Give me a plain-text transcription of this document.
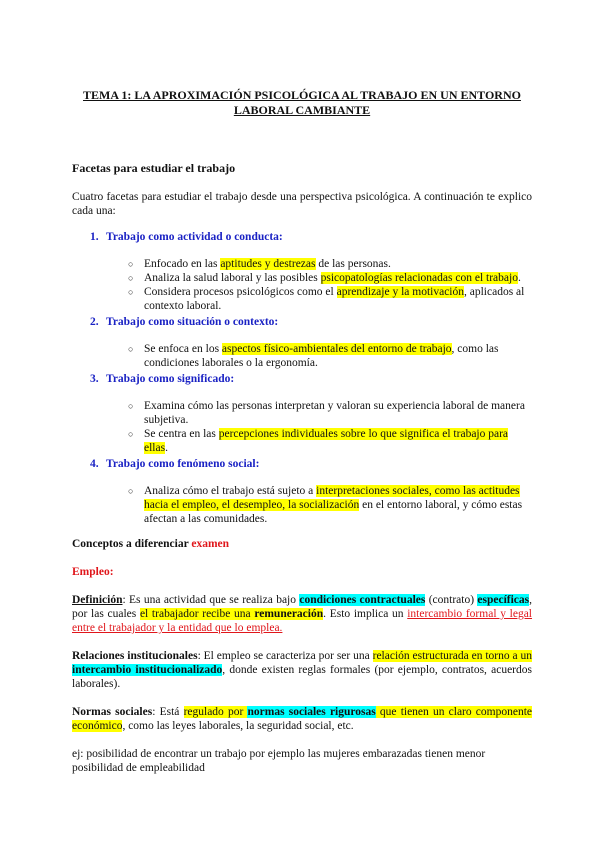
TEMA 1: LA APROXIMACIÓN PSICOLÓGICA AL TRABAJO EN UN ENTORNO LABORAL CAMBIANTE
Facetas para estudiar el trabajo

Cuatro facetas para estudiar el trabajo desde una perspectiva psicológica. A continuación te explico cada una:

1. Trabajo como actividad o conducta:
○ Enfocado en las aptitudes y destrezas de las personas.
○ Analiza la salud laboral y las posibles psicopatologías relacionadas con el trabajo.
○ Considera procesos psicológicos como el aprendizaje y la motivación, aplicados al contexto laboral.
2. Trabajo como situación o contexto:
○ Se enfoca en los aspectos físico-ambientales del entorno de trabajo, como las condiciones laborales o la ergonomía.
3. Trabajo como significado:
○ Examina cómo las personas interpretan y valoran su experiencia laboral de manera subjetiva.
○ Se centra en las percepciones individuales sobre lo que significa el trabajo para ellas.
4. Trabajo como fenómeno social:
○ Analiza cómo el trabajo está sujeto a interpretaciones sociales, como las actitudes hacia el empleo, el desempleo, la socialización en el entorno laboral, y cómo estas afectan a las comunidades.

Conceptos a diferenciar examen

Empleo:

Definición: Es una actividad que se realiza bajo condiciones contractuales (contrato) específicas, por las cuales el trabajador recibe una remuneración. Esto implica un intercambio formal y legal entre el trabajador y la entidad que lo emplea.

Relaciones institucionales: El empleo se caracteriza por ser una relación estructurada en torno a un intercambio institucionalizado, donde existen reglas formales (por ejemplo, contratos, acuerdos laborales).

Normas sociales: Está regulado por normas sociales rigurosas que tienen un claro componente económico, como las leyes laborales, la seguridad social, etc.

ej: posibilidad de encontrar un trabajo por ejemplo las mujeres embarazadas tienen menor posibilidad de empleabilidad
